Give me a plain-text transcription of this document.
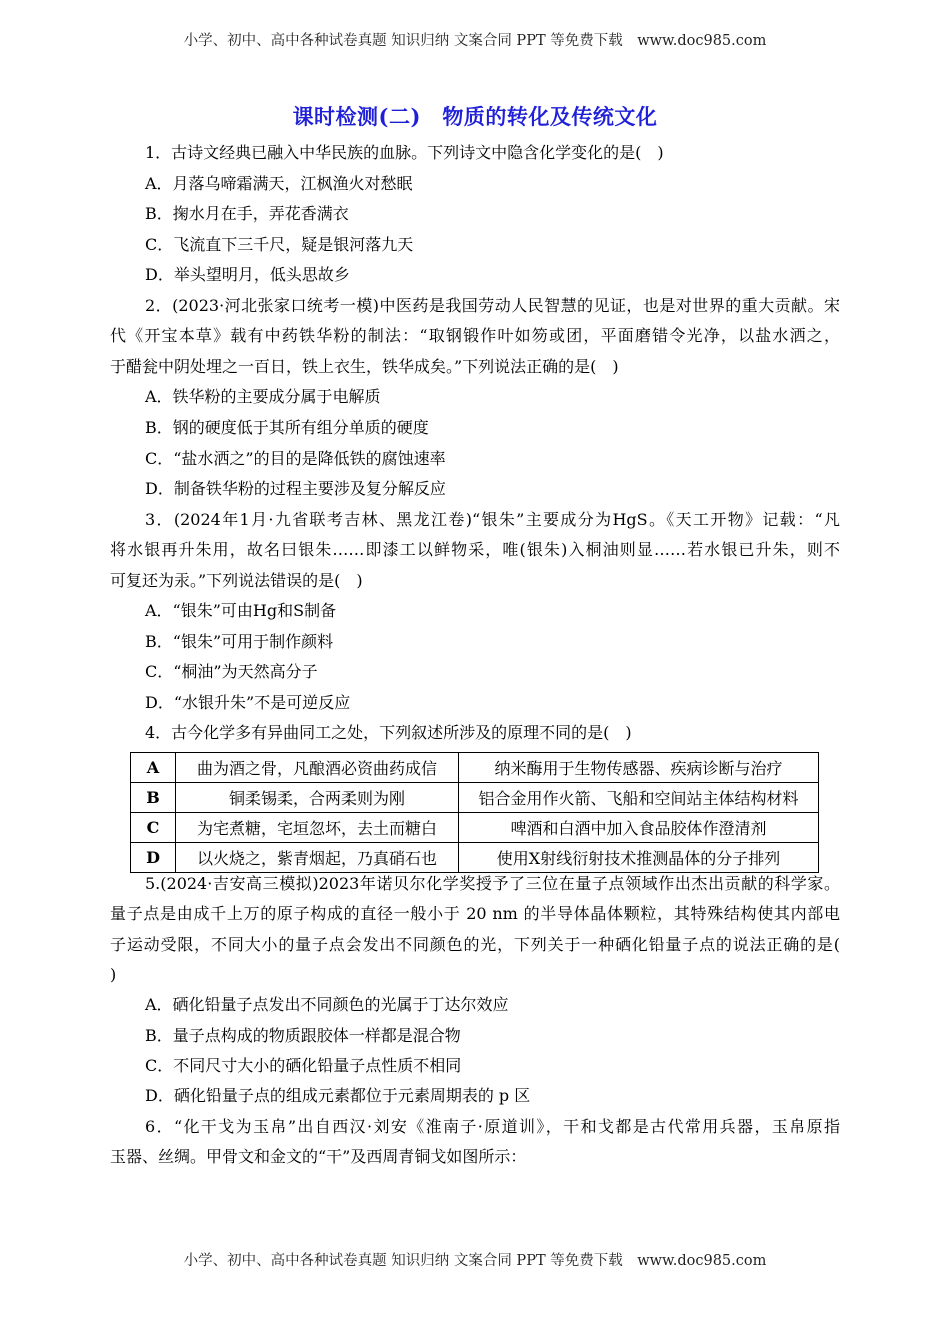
小学、初中、高中各种试卷真题 知识归纳 文案合同 PPT 等免费下载　www.doc985.com
课时检测(二)　物质的转化及传统文化
1．古诗文经典已融入中华民族的血脉。下列诗文中隐含化学变化的是(　)
A．月落乌啼霜满天，江枫渔火对愁眠
B．掬水月在手，弄花香满衣
C．飞流直下三千尺，疑是银河落九天
D．举头望明月，低头思故乡
2．(2023·河北张家口统考一模)中医药是我国劳动人民智慧的见证，也是对世界的重大贡献。宋
代《开宝本草》载有中药铁华粉的制法：“取钢锻作叶如笏或团，平面磨错令光净，以盐水洒之，
于醋瓮中阴处埋之一百日，铁上衣生，铁华成矣。”下列说法正确的是(　)
A．铁华粉的主要成分属于电解质
B．钢的硬度低于其所有组分单质的硬度
C．“盐水洒之”的目的是降低铁的腐蚀速率
D．制备铁华粉的过程主要涉及复分解反应
3．(2024年1月·九省联考吉林、黑龙江卷)“银朱”主要成分为HgS。《天工开物》记载：“凡
将水银再升朱用，故名曰银朱……即漆工以鲜物采，唯(银朱)入桐油则显……若水银已升朱，则不
可复还为汞。”下列说法错误的是(　)
A．“银朱”可由Hg和S制备
B．“银朱”可用于制作颜料
C．“桐油”为天然高分子
D．“水银升朱”不是可逆反应
4．古今化学多有异曲同工之处，下列叙述所涉及的原理不同的是(　)
A	曲为酒之骨，凡酿酒必资曲药成信	纳米酶用于生物传感器、疾病诊断与治疗
B	铜柔锡柔，合两柔则为刚	铝合金用作火箭、飞船和空间站主体结构材料
C	为宅煮糖，宅垣忽坏，去土而糖白	啤酒和白酒中加入食品胶体作澄清剂
D	以火烧之，紫青烟起，乃真硝石也	使用X射线衍射技术推测晶体的分子排列
5.(2024·吉安高三模拟)2023年诺贝尔化学奖授予了三位在量子点领域作出杰出贡献的科学家。
量子点是由成千上万的原子构成的直径一般小于 20 nm 的半导体晶体颗粒，其特殊结构使其内部电
子运动受限，不同大小的量子点会发出不同颜色的光，下列关于一种硒化铅量子点的说法正确的是(
)
A．硒化铅量子点发出不同颜色的光属于丁达尔效应
B．量子点构成的物质跟胶体一样都是混合物
C．不同尺寸大小的硒化铅量子点性质不相同
D．硒化铅量子点的组成元素都位于元素周期表的 p 区
6．“化干戈为玉帛”出自西汉·刘安《淮南子·原道训》，干和戈都是古代常用兵器，玉帛原指
玉器、丝绸。甲骨文和金文的“干”及西周青铜戈如图所示：
小学、初中、高中各种试卷真题 知识归纳 文案合同 PPT 等免费下载　www.doc985.com
